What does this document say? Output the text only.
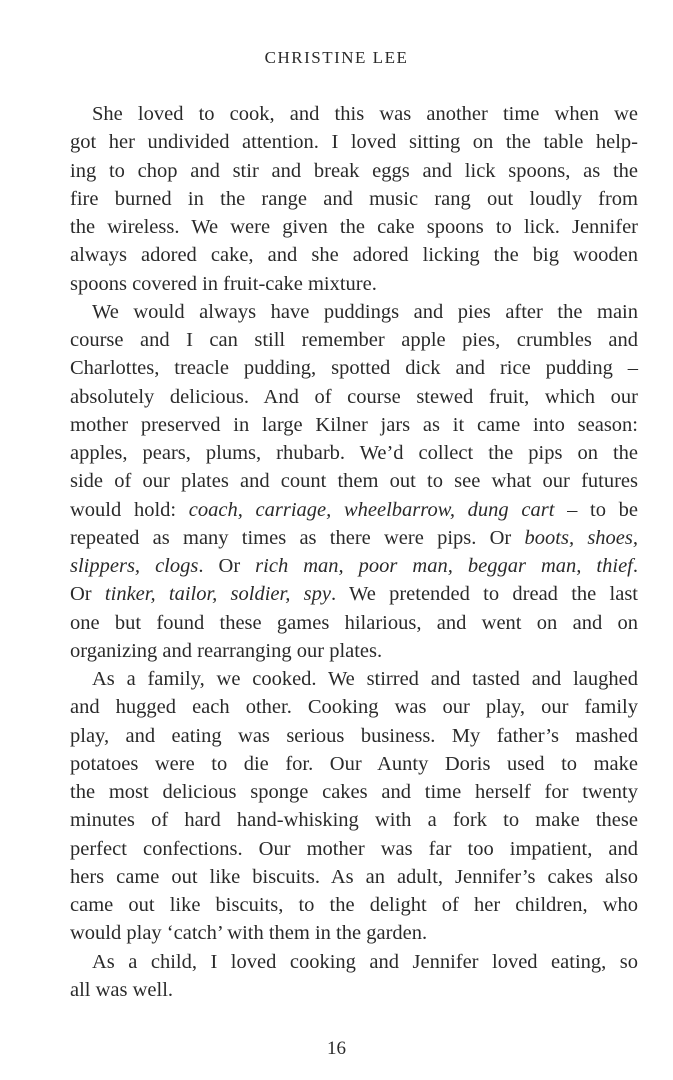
CHRISTINE LEE
She loved to cook, and this was another time when we
got her undivided attention. I loved sitting on the table help-
ing to chop and stir and break eggs and lick spoons, as the
fire burned in the range and music rang out loudly from
the wireless. We were given the cake spoons to lick. Jennifer
always adored cake, and she adored licking the big wooden
spoons covered in fruit-cake mixture.
We would always have puddings and pies after the main
course and I can still remember apple pies, crumbles and
Charlottes, treacle pudding, spotted dick and rice pudding –
absolutely delicious. And of course stewed fruit, which our
mother preserved in large Kilner jars as it came into season:
apples, pears, plums, rhubarb. We’d collect the pips on the
side of our plates and count them out to see what our futures
would hold: coach, carriage, wheelbarrow, dung cart – to be
repeated as many times as there were pips. Or boots, shoes,
slippers, clogs. Or rich man, poor man, beggar man, thief.
Or tinker, tailor, soldier, spy. We pretended to dread the last
one but found these games hilarious, and went on and on
organizing and rearranging our plates.
As a family, we cooked. We stirred and tasted and laughed
and hugged each other. Cooking was our play, our family
play, and eating was serious business. My father’s mashed
potatoes were to die for. Our Aunty Doris used to make
the most delicious sponge cakes and time herself for twenty
minutes of hard hand-whisking with a fork to make these
perfect confections. Our mother was far too impatient, and
hers came out like biscuits. As an adult, Jennifer’s cakes also
came out like biscuits, to the delight of her children, who
would play ‘catch’ with them in the garden.
As a child, I loved cooking and Jennifer loved eating, so
all was well.
16
